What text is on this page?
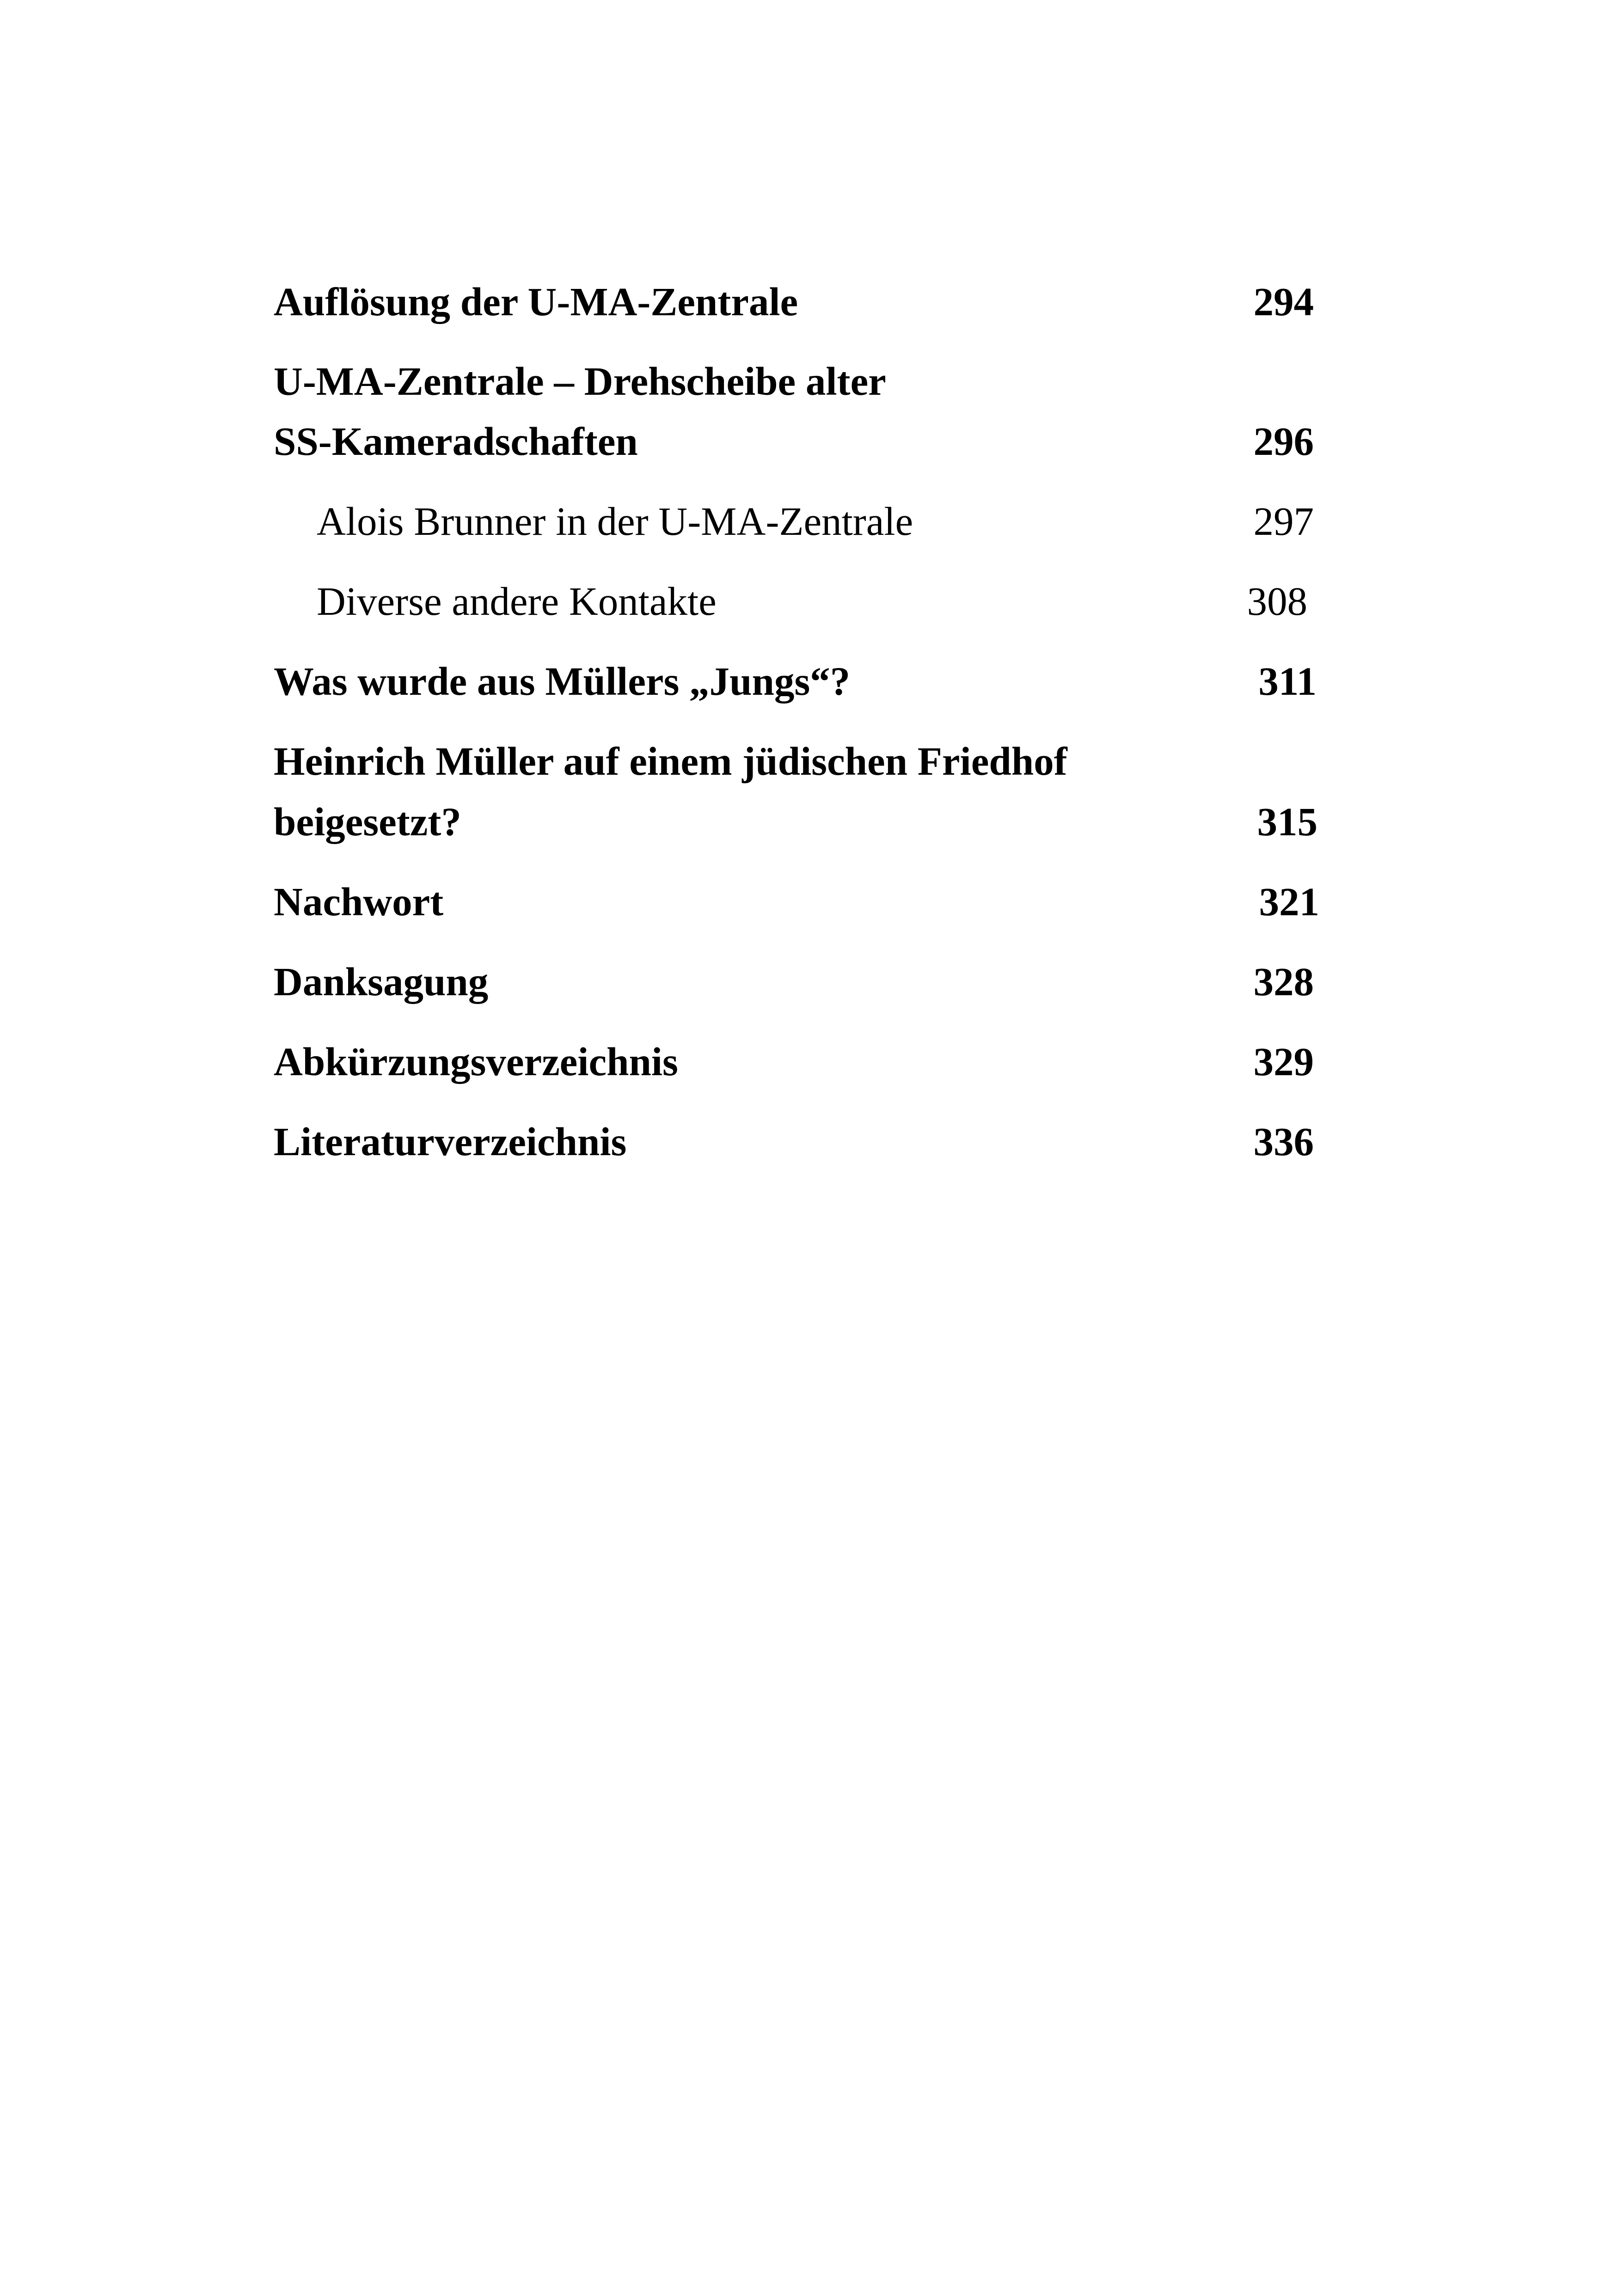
Auflösung der U-MA-Zentrale	294
U-MA-Zentrale – Drehscheibe alter
SS-Kameradschaften	296
Alois Brunner in der U-MA-Zentrale	297
Diverse andere Kontakte	308
Was wurde aus Müllers „Jungs“?	311
Heinrich Müller auf einem jüdischen Friedhof
beigesetzt?	315
Nachwort	321
Danksagung	328
Abkürzungsverzeichnis	329
Literaturverzeichnis	336
